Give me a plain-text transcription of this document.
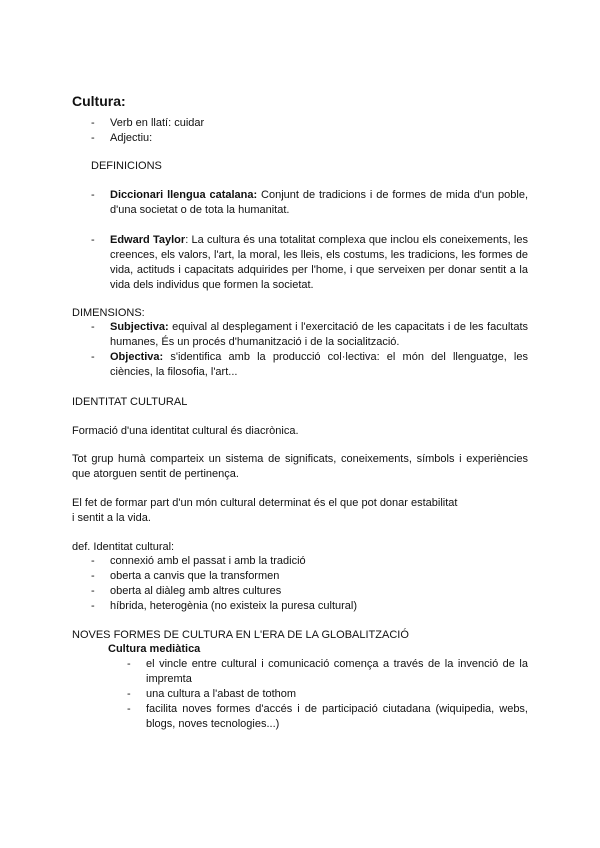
Cultura:
- Verb en llatí: cuidar
- Adjectiu:
DEFINICIONS
- Diccionari llengua catalana: Conjunt de tradicions i de formes de mida d'un poble, d'una societat o de tota la humanitat.
- Edward Taylor: La cultura és una totalitat complexa que inclou els coneixements, les creences, els valors, l'art, la moral, les lleis, els costums, les tradicions, les formes de vida, actituds i capacitats adquirides per l'home, i que serveixen per donar sentit a la vida dels individus que formen la societat.
DIMENSIONS:
- Subjectiva: equival al desplegament i l'exercitació de les capacitats i de les facultats humanes, És un procés d'humanització i de la socialització.
- Objectiva: s'identifica amb la producció col·lectiva: el món del llenguatge, les ciències, la filosofia, l'art...
IDENTITAT CULTURAL

Formació d'una identitat cultural és diacrònica.

Tot grup humà comparteix un sistema de significats, coneixements, símbols i experiències que atorguen sentit de pertinença.

El fet de formar part d'un món cultural determinat és el que pot donar estabilitat
i sentit a la vida.
def. Identitat cultural:
- connexió amb el passat i amb la tradició
- oberta a canvis que la transformen
- oberta al diàleg amb altres cultures
- híbrida, heterogènia (no existeix la puresa cultural)
NOVES FORMES DE CULTURA EN L'ERA DE LA GLOBALITZACIÓ
Cultura mediàtica
- el vincle entre cultural i comunicació comença a través de la invenció de la impremta
- una cultura a l'abast de tothom
- facilita noves formes d'accés i de participació ciutadana (wiquipedia, webs, blogs, noves tecnologies...)
